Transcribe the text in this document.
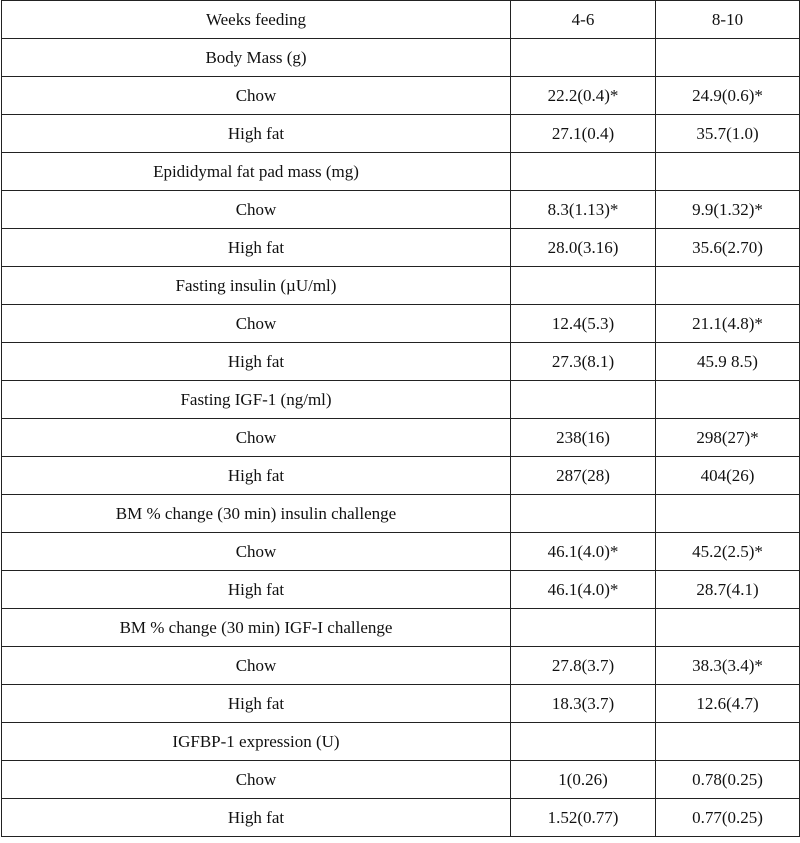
Weeks feeding	4-6	8-10
Body Mass (g)		
Chow	22.2(0.4)*	24.9(0.6)*
High fat	27.1(0.4)	35.7(1.0)
Epididymal fat pad mass (mg)		
Chow	8.3(1.13)*	9.9(1.32)*
High fat	28.0(3.16)	35.6(2.70)
Fasting insulin (µU/ml)		
Chow	12.4(5.3)	21.1(4.8)*
High fat	27.3(8.1)	45.9 8.5)
Fasting IGF-1 (ng/ml)		
Chow	238(16)	298(27)*
High fat	287(28)	404(26)
BM % change (30 min) insulin challenge		
Chow	46.1(4.0)*	45.2(2.5)*
High fat	46.1(4.0)*	28.7(4.1)
BM % change (30 min) IGF-I challenge		
Chow	27.8(3.7)	38.3(3.4)*
High fat	18.3(3.7)	12.6(4.7)
IGFBP-1 expression (U)		
Chow	1(0.26)	0.78(0.25)
High fat	1.52(0.77)	0.77(0.25)
